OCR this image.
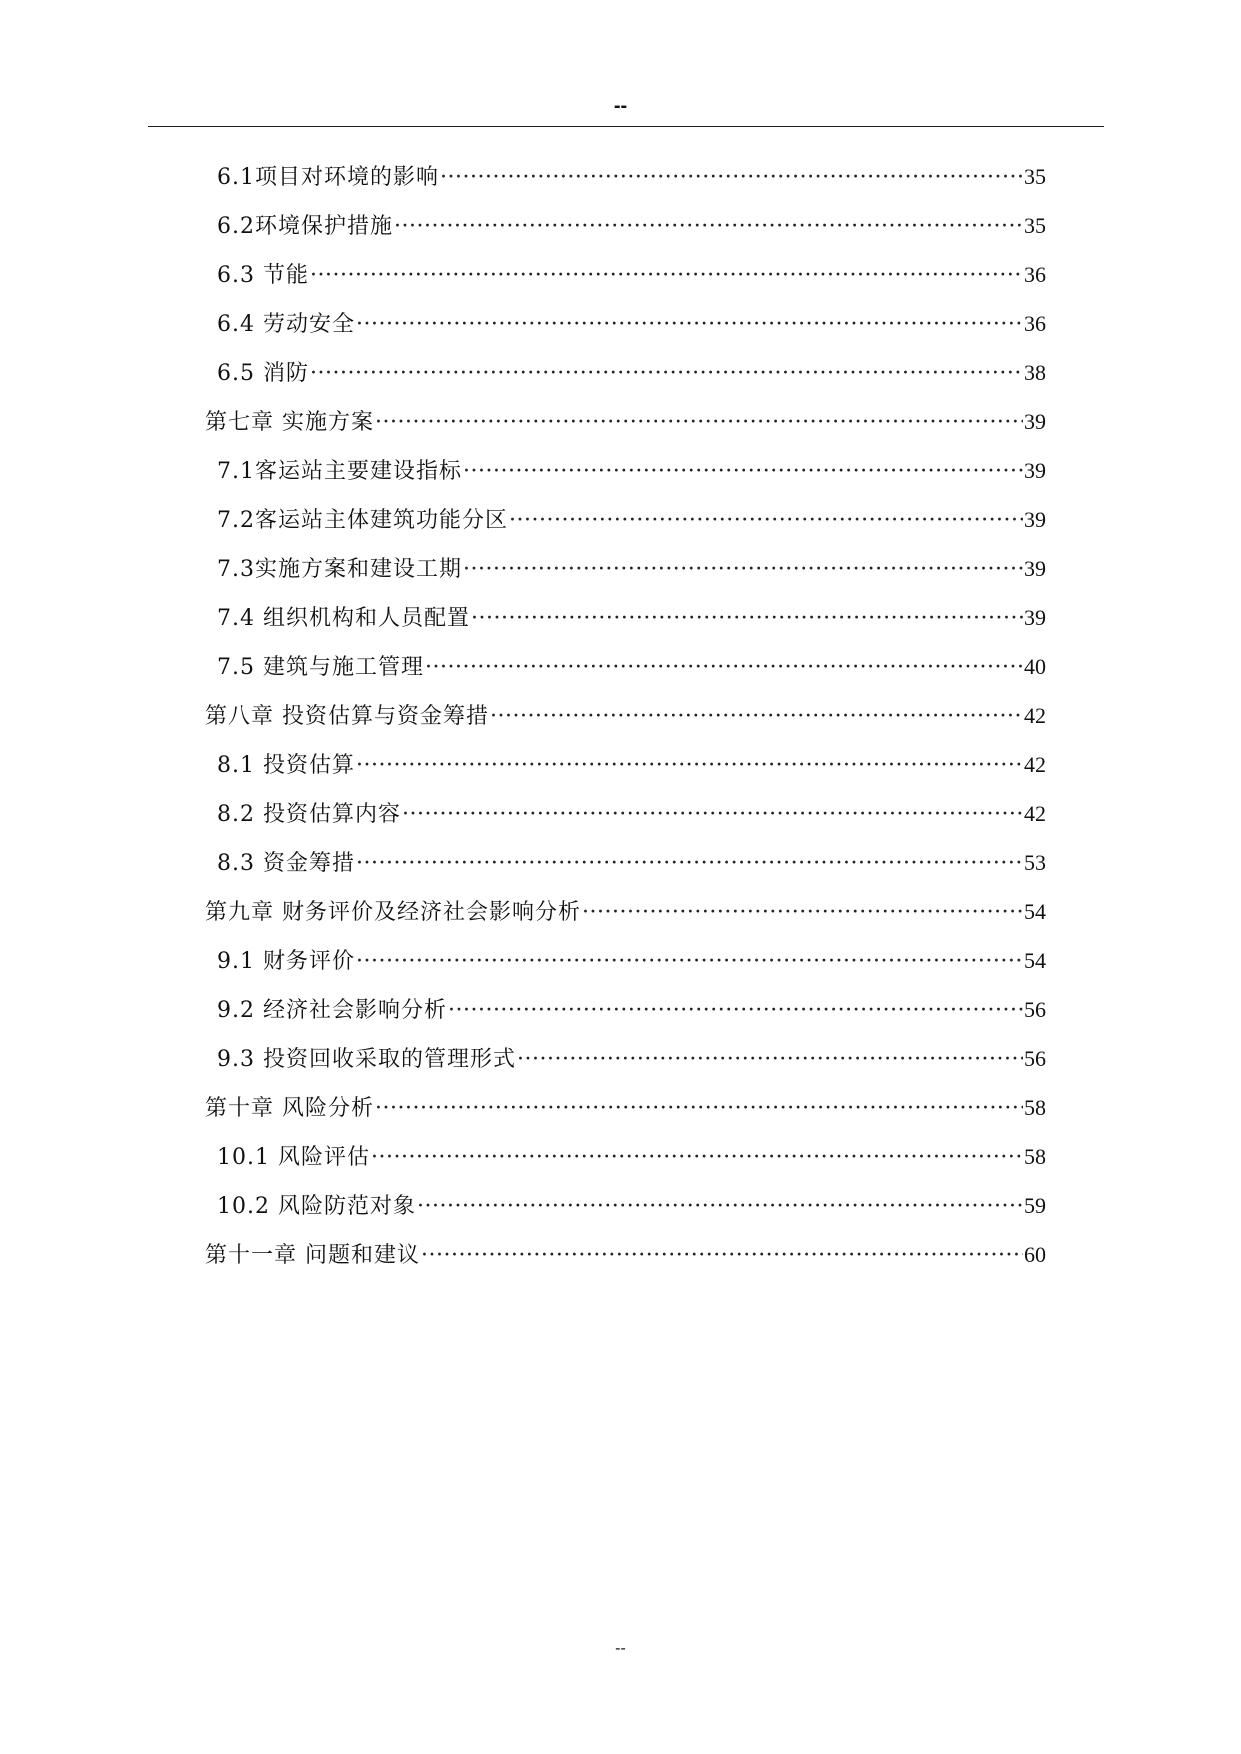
--
6.1项目对环境的影响 ·····	35
6.2环境保护措施 ·····	35
6.3 节能 ·····	36
6.4 劳动安全 ·····	36
6.5 消防 ·····	38
第七章 实施方案 ·····	39
7.1客运站主要建设指标 ·····	39
7.2客运站主体建筑功能分区 ·····	39
7.3实施方案和建设工期 ·····	39
7.4 组织机构和人员配置 ·····	39
7.5 建筑与施工管理 ·····	40
第八章 投资估算与资金筹措 ·····	42
8.1 投资估算 ·····	42
8.2 投资估算内容 ·····	42
8.3 资金筹措 ·····	53
第九章 财务评价及经济社会影响分析 ·····	54
9.1 财务评价 ·····	54
9.2 经济社会影响分析 ·····	56
9.3 投资回收采取的管理形式 ·····	56
第十章 风险分析 ·····	58
10.1 风险评估 ·····	58
10.2 风险防范对象 ·····	59
第十一章 问题和建议 ·····	60
--
